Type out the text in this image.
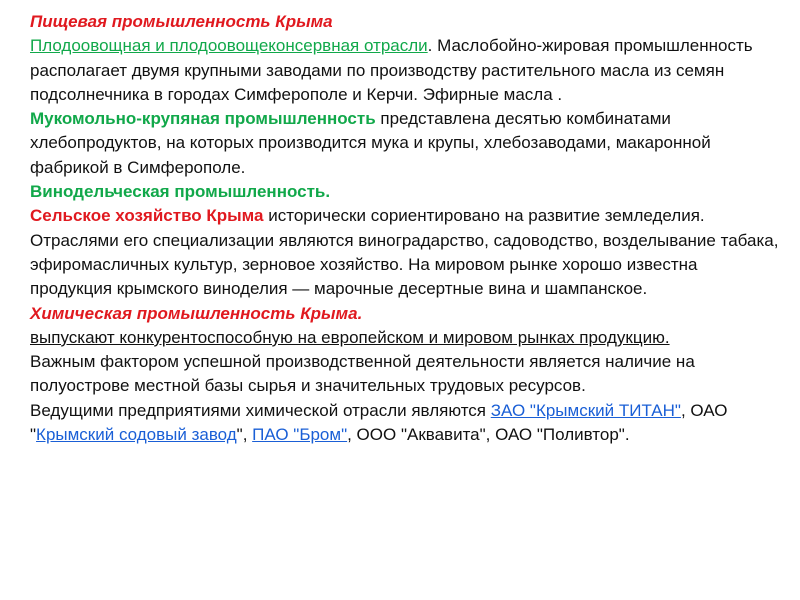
Пищевая промышленность Крыма

Плодоовощная и плодоовощеконсервная отрасли. Маслобойно-жировая промышленность располагает двумя крупными заводами по производству растительного масла из семян подсолнечника в городах Симферополе и Керчи. Эфирные масла .

Мукомольно-крупяная промышленность представлена десятью комбинатами хлебопродуктов, на которых производится мука и крупы, хлебозаводами, макаронной фабрикой в Симферополе.

Винодельческая промышленность.

Сельское хозяйство Крыма исторически сориентировано на развитие земледелия. Отраслями его специализации являются виноградарство, садоводство, возделывание табака, эфиромасличных культур, зерновое хозяйство. На мировом рынке хорошо известна продукция крымского виноделия — марочные десертные вина и шампанское.

Химическая промышленность Крыма.

выпускают конкурентоспособную на европейском и мировом рынках продукцию.

Важным фактором успешной производственной деятельности является наличие на полуострове местной базы сырья и значительных трудовых ресурсов.

Ведущими предприятиями химической отрасли являются ЗАО "Крымский ТИТАН", ОАО "Крымский содовый завод", ПАО "Бром", ООО "Аквавита", ОАО "Поливтор".
